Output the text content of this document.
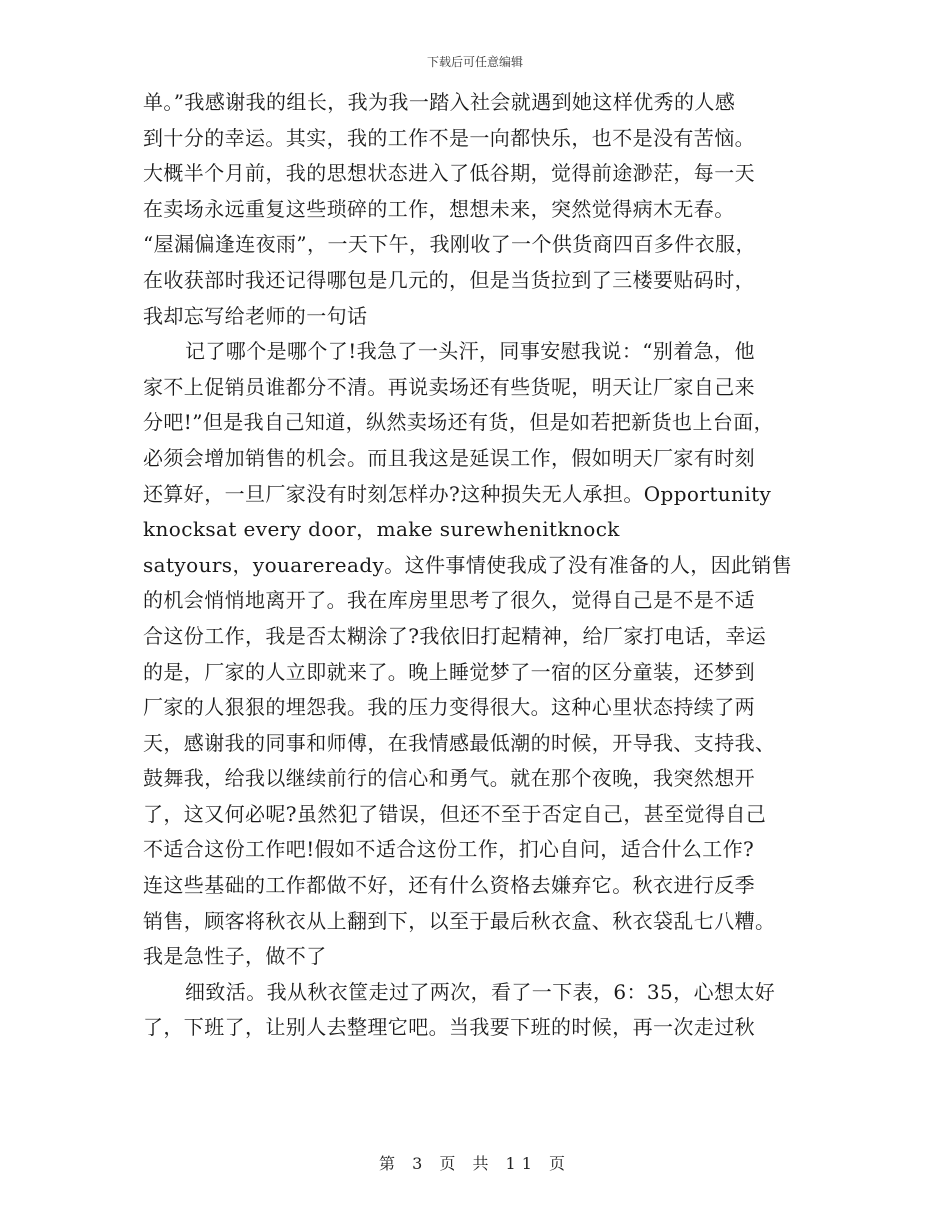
下载后可任意编辑
单。”我感谢我的组长，我为我一踏入社会就遇到她这样优秀的人感
到十分的幸运。其实，我的工作不是一向都快乐，也不是没有苦恼。
大概半个月前，我的思想状态进入了低谷期，觉得前途渺茫，每一天
在卖场永远重复这些琐碎的工作，想想未来，突然觉得病木无春。
“屋漏偏逢连夜雨”，一天下午，我刚收了一个供货商四百多件衣服，
在收获部时我还记得哪包是几元的，但是当货拉到了三楼要贴码时，
我却忘写给老师的一句话
记了哪个是哪个了!我急了一头汗，同事安慰我说：“别着急，他
家不上促销员谁都分不清。再说卖场还有些货呢，明天让厂家自己来
分吧!”但是我自己知道，纵然卖场还有货，但是如若把新货也上台面，
必须会增加销售的机会。而且我这是延误工作，假如明天厂家有时刻
还算好，一旦厂家没有时刻怎样办?这种损失无人承担。Opportunity
knocksat every door，make surewhenitknock
satyours，youareready。这件事情使我成了没有准备的人，因此销售
的机会悄悄地离开了。我在库房里思考了很久，觉得自己是不是不适
合这份工作，我是否太糊涂了?我依旧打起精神，给厂家打电话，幸运
的是，厂家的人立即就来了。晚上睡觉梦了一宿的区分童装，还梦到
厂家的人狠狠的埋怨我。我的压力变得很大。这种心里状态持续了两
天，感谢我的同事和师傅，在我情感最低潮的时候，开导我、支持我、
鼓舞我，给我以继续前行的信心和勇气。就在那个夜晚，我突然想开
了，这又何必呢?虽然犯了错误，但还不至于否定自己，甚至觉得自己
不适合这份工作吧!假如不适合这份工作，扪心自问，适合什么工作?
连这些基础的工作都做不好，还有什么资格去嫌弃它。秋衣进行反季
销售，顾客将秋衣从上翻到下，以至于最后秋衣盒、秋衣袋乱七八糟。
我是急性子，做不了
细致活。我从秋衣筐走过了两次，看了一下表，6：35，心想太好
了，下班了，让别人去整理它吧。当我要下班的时候，再一次走过秋
第 3 页 共 11 页
